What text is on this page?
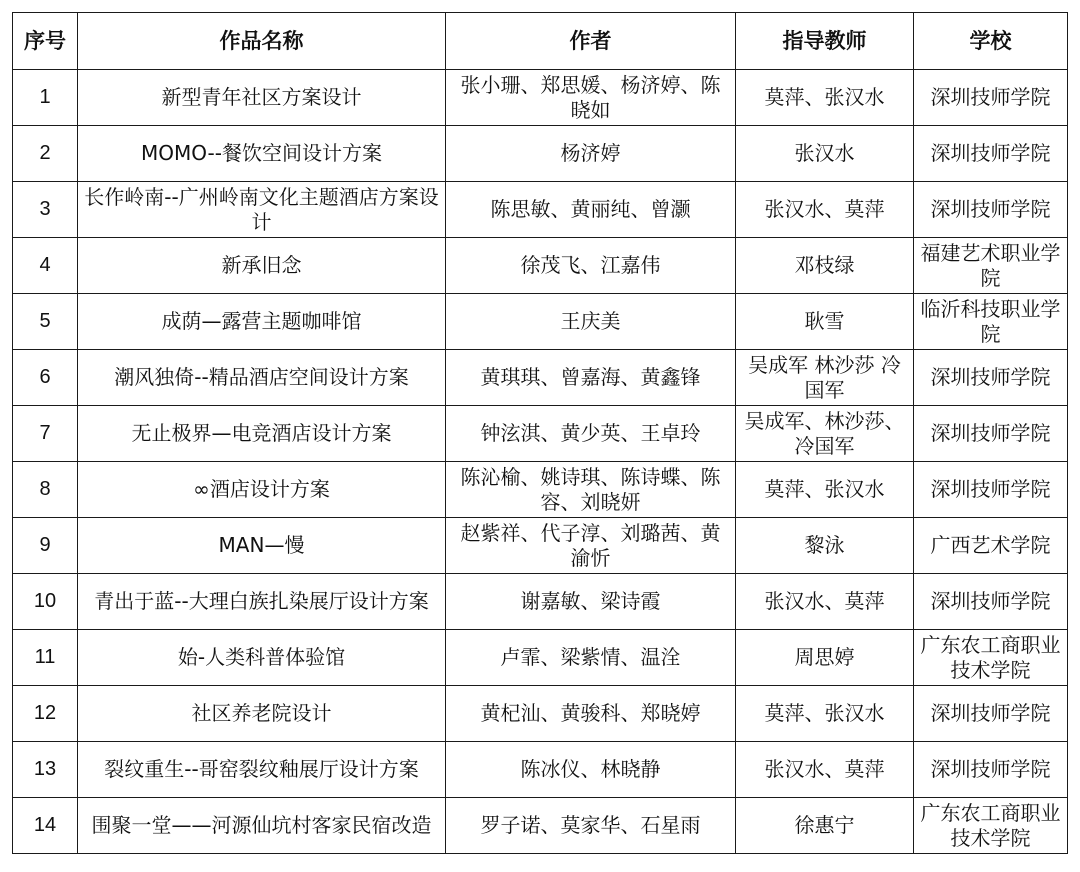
序号	作品名称	作者	指导教师	学校
1	新型青年社区方案设计	张小珊、郑思媛、杨济婷、陈晓如	莫萍、张汉水	深圳技师学院
2	MOMO--餐饮空间设计方案	杨济婷	张汉水	深圳技师学院
3	长作岭南--广州岭南文化主题酒店方案设计	陈思敏、黄丽纯、曾灏	张汉水、莫萍	深圳技师学院
4	新承旧念	徐茂飞、江嘉伟	邓枝绿	福建艺术职业学院
5	成荫—露营主题咖啡馆	王庆美	耿雪	临沂科技职业学院
6	潮风独倚--精品酒店空间设计方案	黄琪琪、曾嘉海、黄鑫锋	吴成军 林沙莎 冷国军	深圳技师学院
7	无止极界—电竞酒店设计方案	钟泫淇、黄少英、王卓玲	吴成军、林沙莎、冷国军	深圳技师学院
8	∞酒店设计方案	陈沁榆、姚诗琪、陈诗蝶、陈容、刘晓妍	莫萍、张汉水	深圳技师学院
9	MAN—慢	赵紫祥、代子淳、刘璐茜、黄渝忻	黎泳	广西艺术学院
10	青出于蓝--大理白族扎染展厅设计方案	谢嘉敏、梁诗霞	张汉水、莫萍	深圳技师学院
11	始-人类科普体验馆	卢霏、梁紫情、温洤	周思婷	广东农工商职业技术学院
12	社区养老院设计	黄杞汕、黄骏科、郑晓婷	莫萍、张汉水	深圳技师学院
13	裂纹重生--哥窑裂纹釉展厅设计方案	陈冰仪、林晓静	张汉水、莫萍	深圳技师学院
14	围聚一堂——河源仙坑村客家民宿改造	罗子诺、莫家华、石星雨	徐惠宁	广东农工商职业技术学院
